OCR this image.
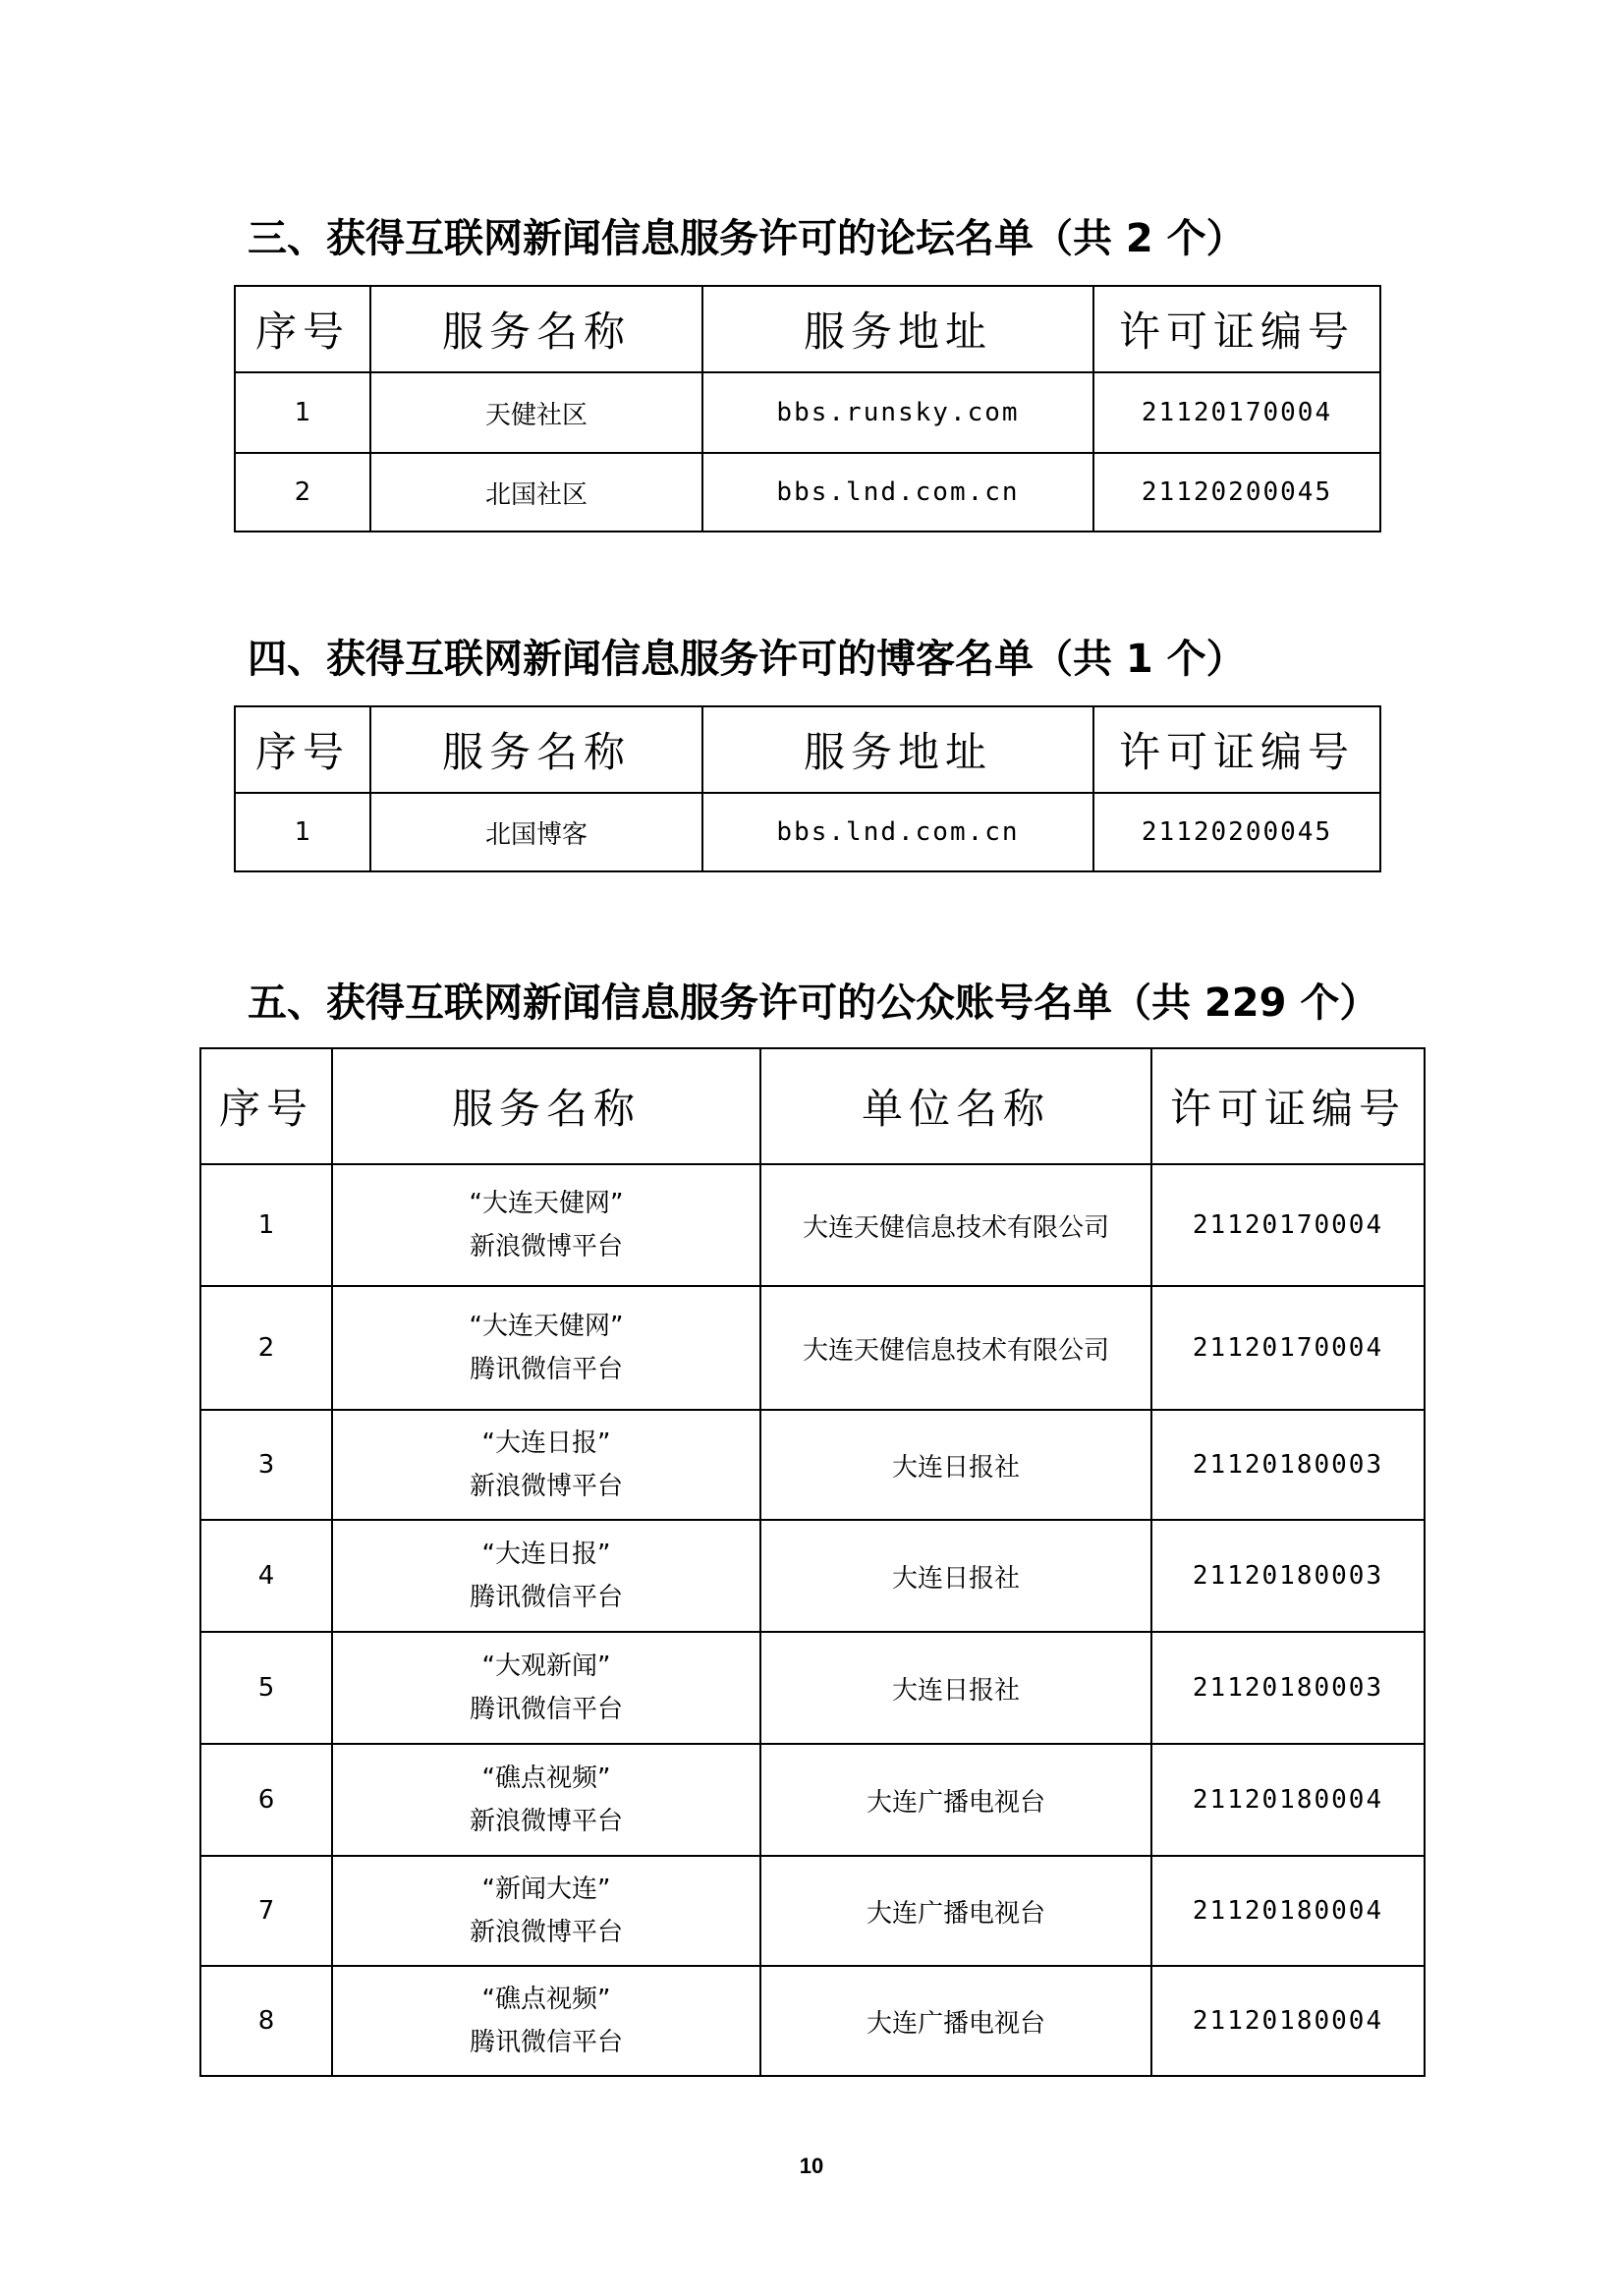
三、获得互联网新闻信息服务许可的论坛名单（共 2 个）
序号	服务名称	服务地址	许可证编号
1	天健社区	bbs.runsky.com	21120170004
2	北国社区	bbs.lnd.com.cn	21120200045
四、获得互联网新闻信息服务许可的博客名单（共 1 个）
序号	服务名称	服务地址	许可证编号
1	北国博客	bbs.lnd.com.cn	21120200045
五、获得互联网新闻信息服务许可的公众账号名单（共 229 个）
序号	服务名称	单位名称	许可证编号
1	“大连天健网”
新浪微博平台	大连天健信息技术有限公司	21120170004
2	“大连天健网”
腾讯微信平台	大连天健信息技术有限公司	21120170004
3	“大连日报”
新浪微博平台	大连日报社	21120180003
4	“大连日报”
腾讯微信平台	大连日报社	21120180003
5	“大观新闻”
腾讯微信平台	大连日报社	21120180003
6	“礁点视频”
新浪微博平台	大连广播电视台	21120180004
7	“新闻大连”
新浪微博平台	大连广播电视台	21120180004
8	“礁点视频”
腾讯微信平台	大连广播电视台	21120180004
10
